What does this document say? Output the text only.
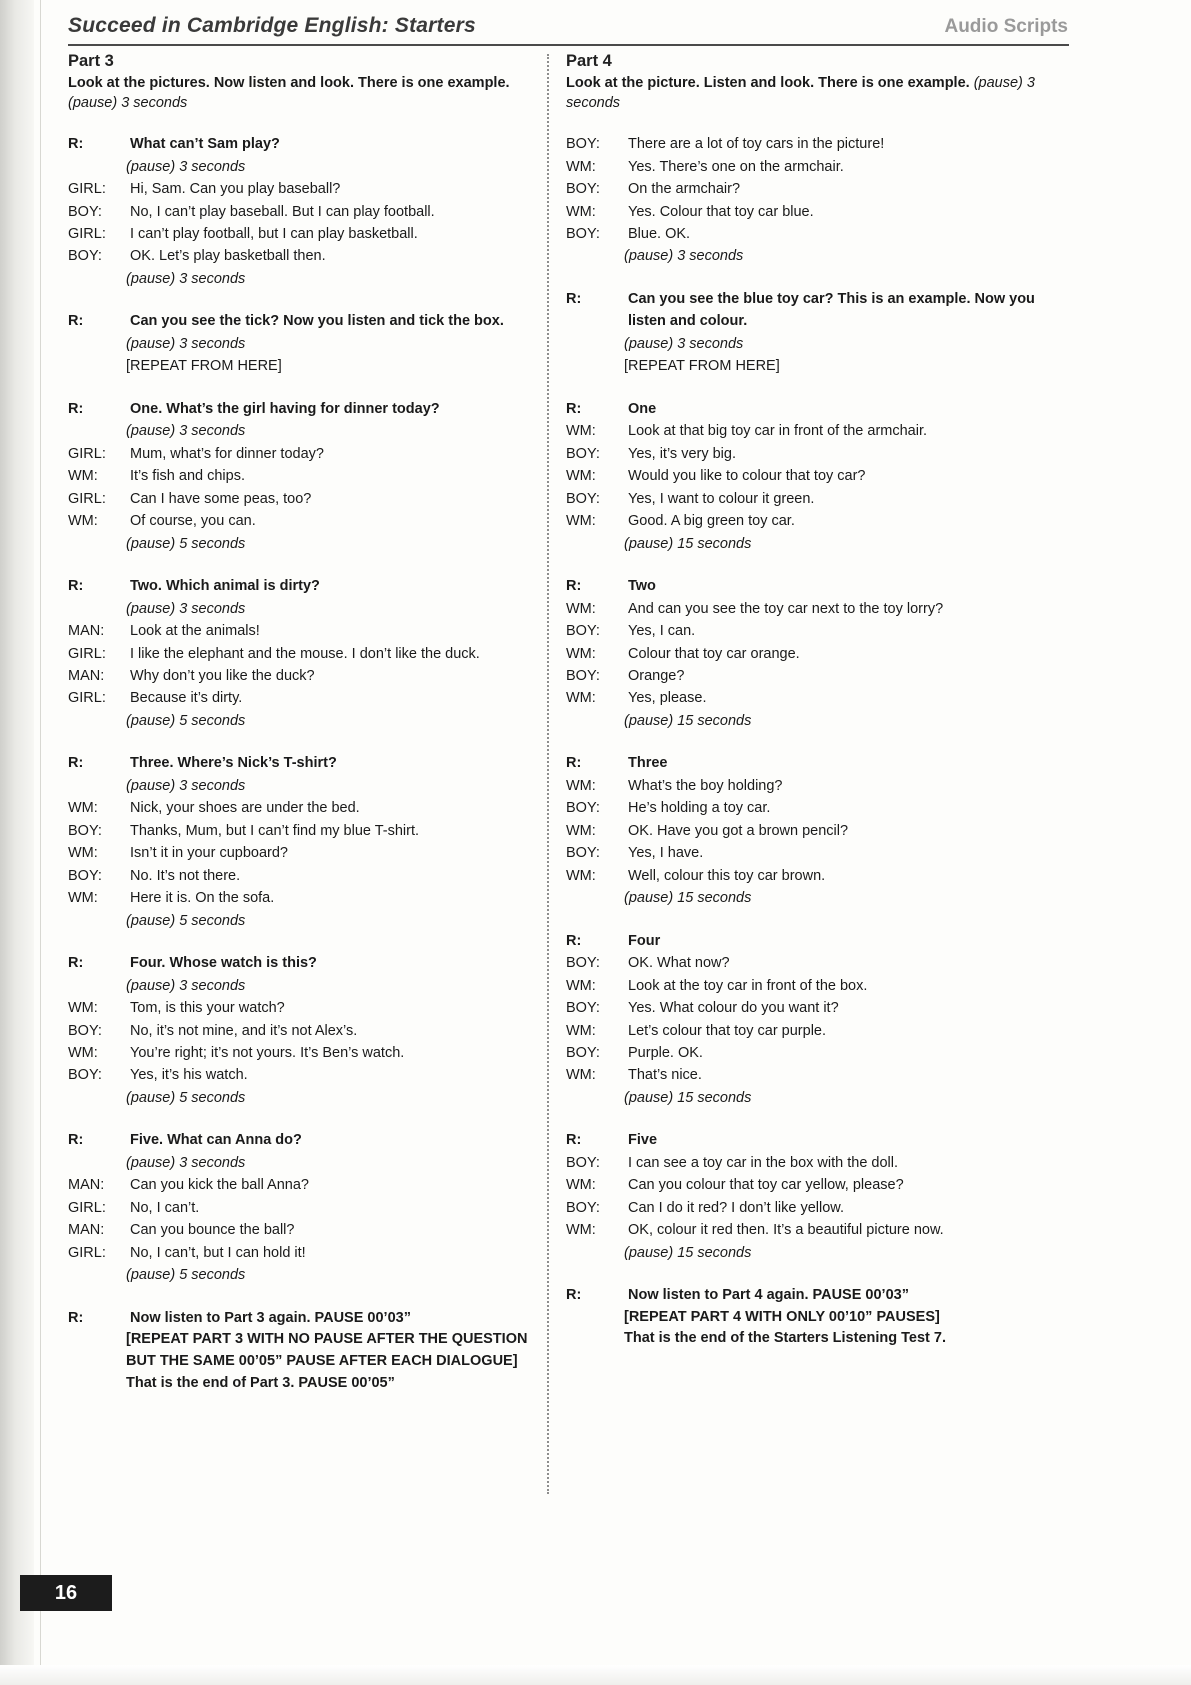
Succeed in Cambridge English: Starters	Audio Scripts
Part 3
Look at the pictures. Now listen and look. There is one example. (pause) 3 seconds
R:	What can’t Sam play?
(pause) 3 seconds
GIRL:	Hi, Sam. Can you play baseball?
BOY:	No, I can’t play baseball. But I can play football.
GIRL:	I can’t play football, but I can play basketball.
BOY:	OK. Let’s play basketball then.
(pause) 3 seconds
R:	Can you see the tick? Now you listen and tick the box.
(pause) 3 seconds
[REPEAT FROM HERE]
R:	One. What’s the girl having for dinner today?
(pause) 3 seconds
GIRL:	Mum, what’s for dinner today?
WM:	It’s fish and chips.
GIRL:	Can I have some peas, too?
WM:	Of course, you can.
(pause) 5 seconds
R:	Two. Which animal is dirty?
(pause) 3 seconds
MAN:	Look at the animals!
GIRL:	I like the elephant and the mouse. I don’t like the duck.
MAN:	Why don’t you like the duck?
GIRL:	Because it’s dirty.
(pause) 5 seconds
R:	Three. Where’s Nick’s T-shirt?
(pause) 3 seconds
WM:	Nick, your shoes are under the bed.
BOY:	Thanks, Mum, but I can’t find my blue T-shirt.
WM:	Isn’t it in your cupboard?
BOY:	No. It’s not there.
WM:	Here it is. On the sofa.
(pause) 5 seconds
R:	Four. Whose watch is this?
(pause) 3 seconds
WM:	Tom, is this your watch?
BOY:	No, it’s not mine, and it’s not Alex’s.
WM:	You’re right; it’s not yours. It’s Ben’s watch.
BOY:	Yes, it’s his watch.
(pause) 5 seconds
R:	Five. What can Anna do?
(pause) 3 seconds
MAN:	Can you kick the ball Anna?
GIRL:	No, I can’t.
MAN:	Can you bounce the ball?
GIRL:	No, I can’t, but I can hold it!
(pause) 5 seconds
R:	Now listen to Part 3 again. PAUSE 00’03”
[REPEAT PART 3 WITH NO PAUSE AFTER THE QUESTION BUT THE SAME 00’05” PAUSE AFTER EACH DIALOGUE]
That is the end of Part 3. PAUSE 00’05”
Part 4
Look at the picture. Listen and look. There is one example. (pause) 3 seconds
BOY:	There are a lot of toy cars in the picture!
WM:	Yes. There’s one on the armchair.
BOY:	On the armchair?
WM:	Yes. Colour that toy car blue.
BOY:	Blue. OK.
(pause) 3 seconds
R:	Can you see the blue toy car? This is an example. Now you listen and colour.
(pause) 3 seconds
[REPEAT FROM HERE]
R:	One
WM:	Look at that big toy car in front of the armchair.
BOY:	Yes, it’s very big.
WM:	Would you like to colour that toy car?
BOY:	Yes, I want to colour it green.
WM:	Good. A big green toy car.
(pause) 15 seconds
R:	Two
WM:	And can you see the toy car next to the toy lorry?
BOY:	Yes, I can.
WM:	Colour that toy car orange.
BOY:	Orange?
WM:	Yes, please.
(pause) 15 seconds
R:	Three
WM:	What’s the boy holding?
BOY:	He’s holding a toy car.
WM:	OK. Have you got a brown pencil?
BOY:	Yes, I have.
WM:	Well, colour this toy car brown.
(pause) 15 seconds
R:	Four
BOY:	OK. What now?
WM:	Look at the toy car in front of the box.
BOY:	Yes. What colour do you want it?
WM:	Let’s colour that toy car purple.
BOY:	Purple. OK.
WM:	That’s nice.
(pause) 15 seconds
R:	Five
BOY:	I can see a toy car in the box with the doll.
WM:	Can you colour that toy car yellow, please?
BOY:	Can I do it red? I don’t like yellow.
WM:	OK, colour it red then. It’s a beautiful picture now.
(pause) 15 seconds
R:	Now listen to Part 4 again. PAUSE 00’03”
[REPEAT PART 4 WITH ONLY 00’10” PAUSES]
That is the end of the Starters Listening Test 7.
16
